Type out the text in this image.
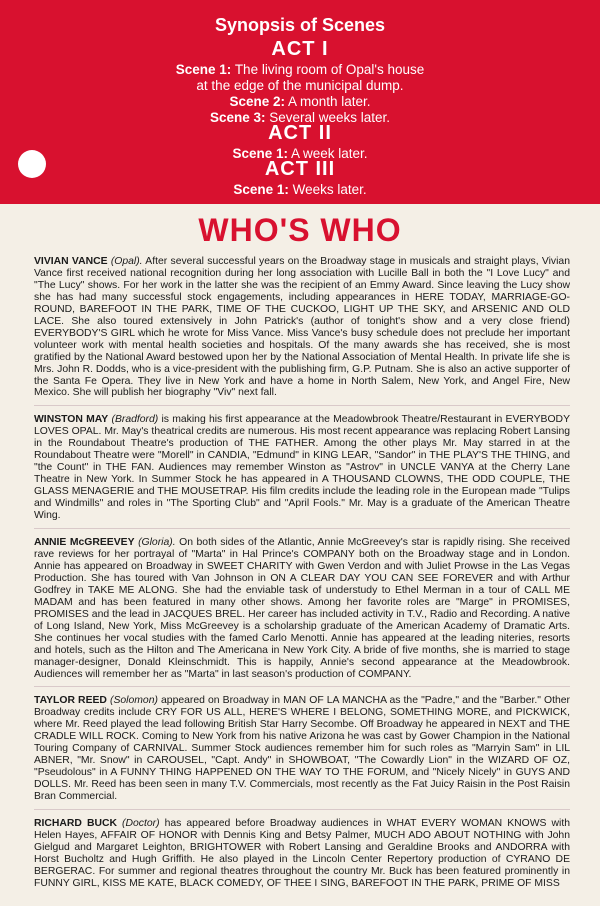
Synopsis of Scenes
ACT I
Scene 1: The living room of Opal's house
at the edge of the municipal dump.
Scene 2: A month later.
Scene 3: Several weeks later.
ACT II
Scene 1: A week later.
ACT III
Scene 1: Weeks later.
WHO'S WHO

VIVIAN VANCE (Opal). After several successful years on the Broadway stage in musicals and straight plays, Vivian Vance first received national recognition during her long association with Lucille Ball in both the "I Love Lucy" and "The Lucy" shows. For her work in the latter she was the recipient of an Emmy Award. Since leaving the Lucy show she has had many successful stock engagements, including appearances in HERE TODAY, MARRIAGE-GO-ROUND, BAREFOOT IN THE PARK, TIME OF THE CUCKOO, LIGHT UP THE SKY, and ARSENIC AND OLD LACE. She also toured extensively in John Patrick's (author of tonight's show and a very close friend) EVERYBODY'S GIRL which he wrote for Miss Vance. Miss Vance's busy schedule does not preclude her important volunteer work with mental health societies and hospitals. Of the many awards she has received, she is most gratified by the National Award bestowed upon her by the National Association of Mental Health. In private life she is Mrs. John R. Dodds, who is a vice-president with the publishing firm, G.P. Putnam. She is also an active supporter of the Santa Fe Opera. They live in New York and have a home in North Salem, New York, and Angel Fire, New Mexico. She will publish her biography "Viv" next fall.

WINSTON MAY (Bradford) is making his first appearance at the Meadowbrook Theatre/Restaurant in EVERYBODY LOVES OPAL. Mr. May's theatrical credits are numerous. His most recent appearance was replacing Robert Lansing in the Roundabout Theatre's production of THE FATHER. Among the other plays Mr. May starred in at the Roundabout Theatre were "Morell" in CANDIA, "Edmund" in KING LEAR, "Sandor" in THE PLAY'S THE THING, and "the Count" in THE FAN. Audiences may remember Winston as "Astrov" in UNCLE VANYA at the Cherry Lane Theatre in New York. In Summer Stock he has appeared in A THOUSAND CLOWNS, THE ODD COUPLE, THE GLASS MENAGERIE and THE MOUSETRAP. His film credits include the leading role in the European made "Tulips and Windmills" and roles in "The Sporting Club" and "April Fools." Mr. May is a graduate of the American Theatre Wing.

ANNIE McGREEVEY (Gloria). On both sides of the Atlantic, Annie McGreevey's star is rapidly rising. She received rave reviews for her portrayal of "Marta" in Hal Prince's COMPANY both on the Broadway stage and in London. Annie has appeared on Broadway in SWEET CHARITY with Gwen Verdon and with Juliet Prowse in the Las Vegas Production. She has toured with Van Johnson in ON A CLEAR DAY YOU CAN SEE FOREVER and with Arthur Godfrey in TAKE ME ALONG. She had the enviable task of understudy to Ethel Merman in a tour of CALL ME MADAM and has been featured in many other shows. Among her favorite roles are "Marge" in PROMISES, PROMISES and the lead in JACQUES BREL. Her career has included activity in T.V., Radio and Recording. A native of Long Island, New York, Miss McGreevey is a scholarship graduate of the American Academy of Dramatic Arts. She continues her vocal studies with the famed Carlo Menotti. Annie has appeared at the leading niteries, resorts and hotels, such as the Hilton and The Americana in New York City. A bride of five months, she is married to stage manager-designer, Donald Kleinschmidt. This is happily, Annie's second appearance at the Meadowbrook. Audiences will remember her as "Marta" in last season's production of COMPANY.

TAYLOR REED (Solomon) appeared on Broadway in MAN OF LA MANCHA as the "Padre," and the "Barber." Other Broadway credits include CRY FOR US ALL, HERE'S WHERE I BELONG, SOMETHING MORE, and PICKWICK, where Mr. Reed played the lead following British Star Harry Secombe. Off Broadway he appeared in NEXT and THE CRADLE WILL ROCK. Coming to New York from his native Arizona he was cast by Gower Champion in the National Touring Company of CARNIVAL. Summer Stock audiences remember him for such roles as "Marryin Sam" in LIL ABNER, "Mr. Snow" in CAROUSEL, "Capt. Andy" in SHOWBOAT, "The Cowardly Lion" in the WIZARD OF OZ, "Pseudolous" in A FUNNY THING HAPPENED ON THE WAY TO THE FORUM, and "Nicely Nicely" in GUYS AND DOLLS. Mr. Reed has been seen in many T.V. Commercials, most recently as the Fat Juicy Raisin in the Post Raisin Bran Commercial.

RICHARD BUCK (Doctor) has appeared before Broadway audiences in WHAT EVERY WOMAN KNOWS with Helen Hayes, AFFAIR OF HONOR with Dennis King and Betsy Palmer, MUCH ADO ABOUT NOTHING with John Gielgud and Margaret Leighton, BRIGHTOWER with Robert Lansing and Geraldine Brooks and ANDORRA with Horst Bucholtz and Hugh Griffith. He also played in the Lincoln Center Repertory production of CYRANO DE BERGERAC. For summer and regional theatres throughout the country Mr. Buck has been featured prominently in FUNNY GIRL, KISS ME KATE, BLACK COMEDY, OF THEE I SING, BAREFOOT IN THE PARK, PRIME OF MISS
